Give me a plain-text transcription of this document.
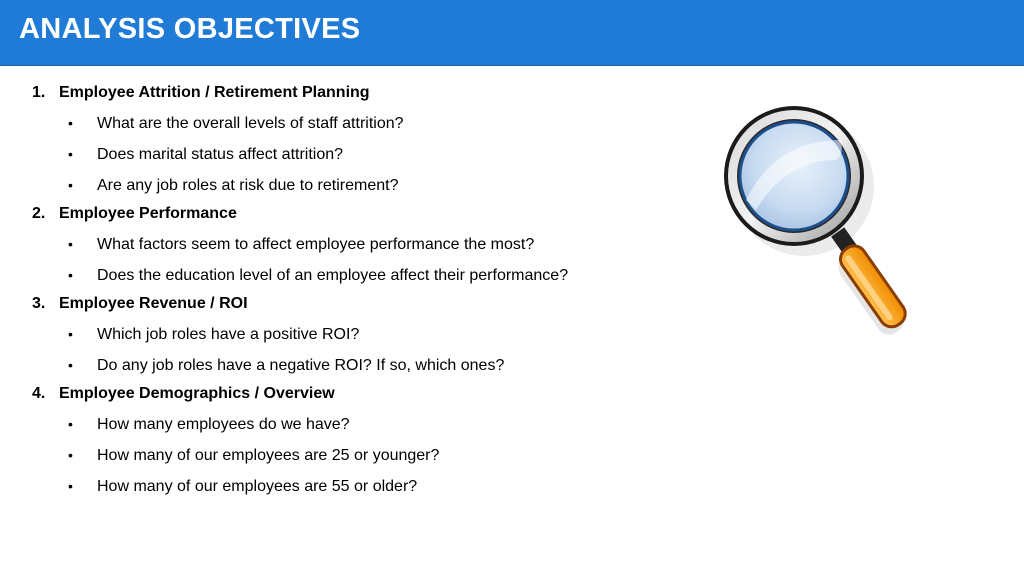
ANALYSIS OBJECTIVES
1. Employee Attrition / Retirement Planning
•	What are the overall levels of staff attrition?
•	Does marital status affect attrition?
•	Are any job roles at risk due to retirement?
2. Employee Performance
•	What factors seem to affect employee performance the most?
•	Does the education level of an employee affect their performance?
3. Employee Revenue / ROI
•	Which job roles have a positive ROI?
•	Do any job roles have a negative ROI? If so, which ones?
4. Employee Demographics / Overview
•	How many employees do we have?
•	How many of our employees are 25 or younger?
•	How many of our employees are 55 or older?
